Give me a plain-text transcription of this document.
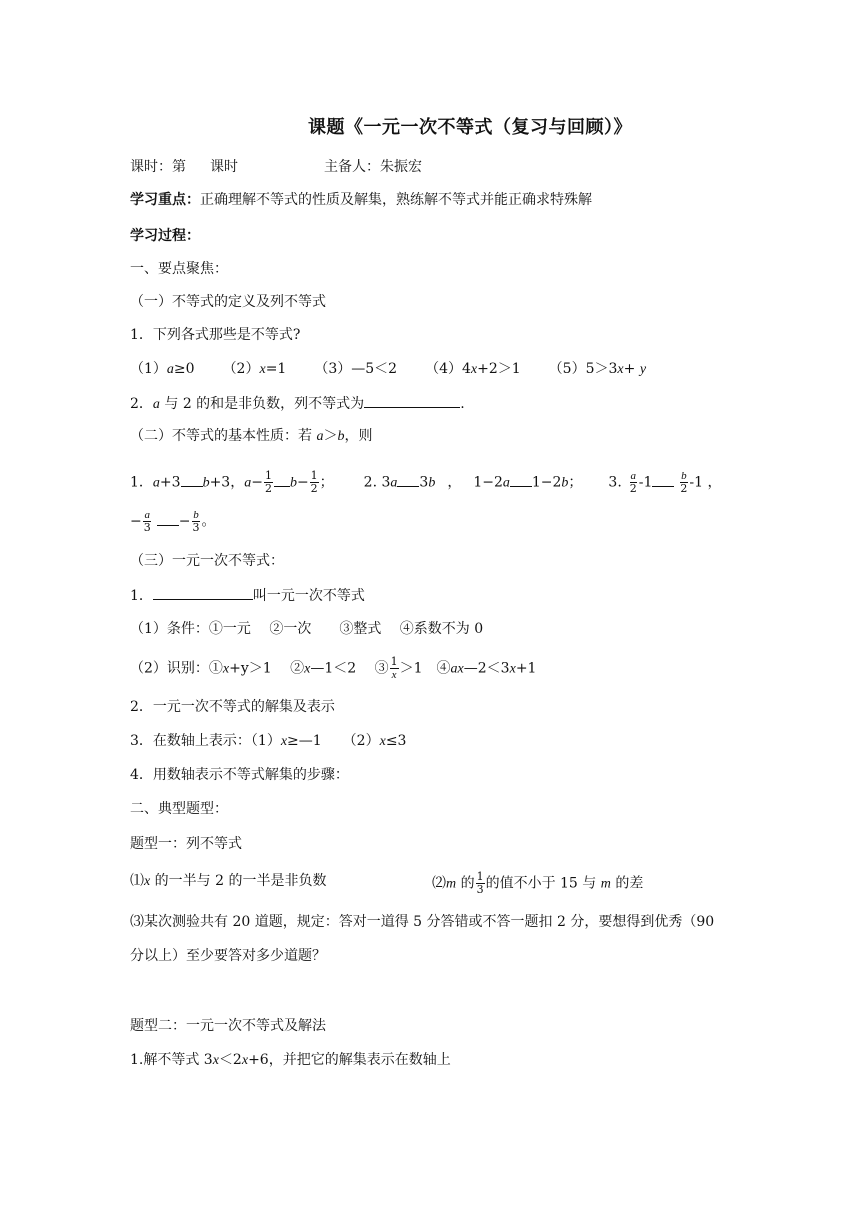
课题《一元一次不等式（复习与回顾）》
课时：第 课时	主备人：朱振宏
学习重点：正确理解不等式的性质及解集，熟练解不等式并能正确求特殊解
学习过程：
一、要点聚焦：
（一）不等式的定义及列不等式
1．下列各式那些是不等式?
（1）a≥0 （2）x=1 （3）—5＜2 （4）4x+2＞1 （5）5＞3x+ y
2．a 与 2 的和是非负数，列不等式为	.
（二）不等式的基本性质：若 a＞b，则
1．a+3 b+3，$a- \frac{1}{2} b- \frac{1}{2}$ ； 2. 3a 3b ， 1−2a 1−2b； 3. $\frac{a}{2} -1 \frac{b}{2} -1$ ，
− $\frac{a}{3} - \frac{b}{3}$ 。
（三）一元一次不等式：
1．	叫一元一次不等式
（1）条件：①一元　 ②一次　　③整式　 ④系数不为 0
（2）识别：①x+y＞1　 ②x—1＜2　 ③ $\frac{1}{x} >1$　④ax—2＜3x+1
2．一元一次不等式的解集及表示
3．在数轴上表示：（1）x≥—1　　（2）x≤3
4．用数轴表示不等式解集的步骤：
二、典型题型：
题型一：列不等式
⑴x 的一半与 2 的一半是非负数	⑵m 的 $\frac{1}{3}$ 的值不小于 15 与 m 的差
⑶某次测验共有 20 道题，规定：答对一道得 5 分答错或不答一题扣 2 分，要想得到优秀（90
分以上）至少要答对多少道题？
题型二：一元一次不等式及解法
1.解不等式 3x＜2x+6，并把它的解集表示在数轴上
